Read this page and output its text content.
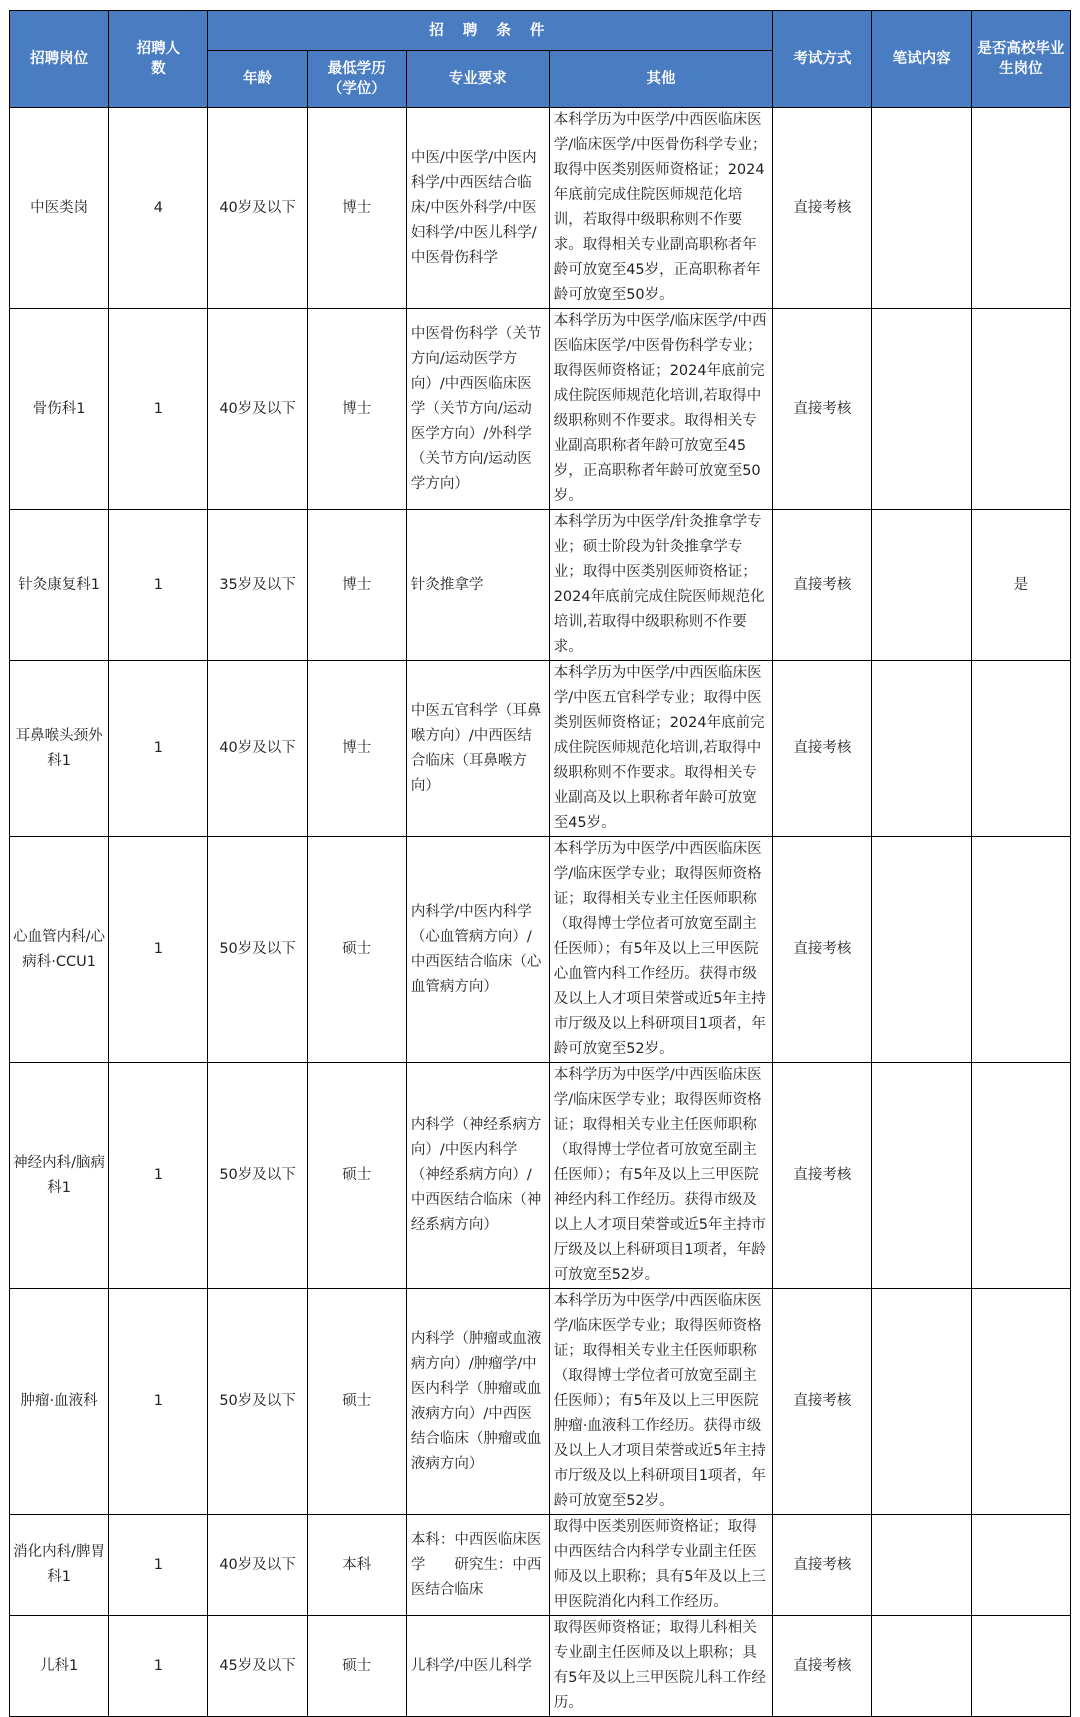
招聘岗位	招聘人数	招 聘 条 件				考试方式	笔试内容	是否高校毕业生岗位
		年龄	最低学历（学位）	专业要求	其他			
中医类岗	4	40岁及以下	博士	中医/中医学/中医内科学/中西医结合临床/中医外科学/中医妇科学/中医儿科学/中医骨伤科学	本科学历为中医学/中西医临床医学/临床医学/中医骨伤科学专业；取得中医类别医师资格证；2024年底前完成住院医师规范化培训，若取得中级职称则不作要求。取得相关专业副高职称者年龄可放宽至45岁，正高职称者年龄可放宽至50岁。	直接考核		
骨伤科1	1	40岁及以下	博士	中医骨伤科学（关节方向/运动医学方向）/中西医临床医学（关节方向/运动医学方向）/外科学（关节方向/运动医学方向）	本科学历为中医学/临床医学/中西医临床医学/中医骨伤科学专业；取得医师资格证；2024年底前完成住院医师规范化培训,若取得中级职称则不作要求。取得相关专业副高职称者年龄可放宽至45岁，正高职称者年龄可放宽至50岁。	直接考核		
针灸康复科1	1	35岁及以下	博士	针灸推拿学	本科学历为中医学/针灸推拿学专业；硕士阶段为针灸推拿学专业；取得中医类别医师资格证；2024年底前完成住院医师规范化培训,若取得中级职称则不作要求。	直接考核		是
耳鼻喉头颈外科1	1	40岁及以下	博士	中医五官科学（耳鼻喉方向）/中西医结合临床（耳鼻喉方向）	本科学历为中医学/中西医临床医学/中医五官科学专业；取得中医类别医师资格证；2024年底前完成住院医师规范化培训,若取得中级职称则不作要求。取得相关专业副高及以上职称者年龄可放宽至45岁。	直接考核		
心血管内科/心病科·CCU1	1	50岁及以下	硕士	内科学/中医内科学（心血管病方向）/中西医结合临床（心血管病方向）	本科学历为中医学/中西医临床医学/临床医学专业；取得医师资格证；取得相关专业主任医师职称（取得博士学位者可放宽至副主任医师）；有5年及以上三甲医院心血管内科工作经历。获得市级及以上人才项目荣誉或近5年主持市厅级及以上科研项目1项者，年龄可放宽至52岁。	直接考核		
神经内科/脑病科1	1	50岁及以下	硕士	内科学（神经系病方向）/中医内科学（神经系病方向）/中西医结合临床（神经系病方向）	本科学历为中医学/中西医临床医学/临床医学专业；取得医师资格证；取得相关专业主任医师职称（取得博士学位者可放宽至副主任医师）；有5年及以上三甲医院神经内科工作经历。获得市级及以上人才项目荣誉或近5年主持市厅级及以上科研项目1项者，年龄可放宽至52岁。	直接考核		
肿瘤·血液科	1	50岁及以下	硕士	内科学（肿瘤或血液病方向）/肿瘤学/中医内科学（肿瘤或血液病方向）/中西医结合临床（肿瘤或血液病方向）	本科学历为中医学/中西医临床医学/临床医学专业；取得医师资格证；取得相关专业主任医师职称（取得博士学位者可放宽至副主任医师）；有5年及以上三甲医院肿瘤·血液科工作经历。获得市级及以上人才项目荣誉或近5年主持市厅级及以上科研项目1项者，年龄可放宽至52岁。	直接考核		
消化内科/脾胃科1	1	40岁及以下	本科	本科：中西医临床医学　　研究生：中西医结合临床	取得中医类别医师资格证；取得中西医结合内科学专业副主任医师及以上职称；具有5年及以上三甲医院消化内科工作经历。	直接考核		
儿科1	1	45岁及以下	硕士	儿科学/中医儿科学	取得医师资格证；取得儿科相关专业副主任医师及以上职称；具有5年及以上三甲医院儿科工作经历。	直接考核		
